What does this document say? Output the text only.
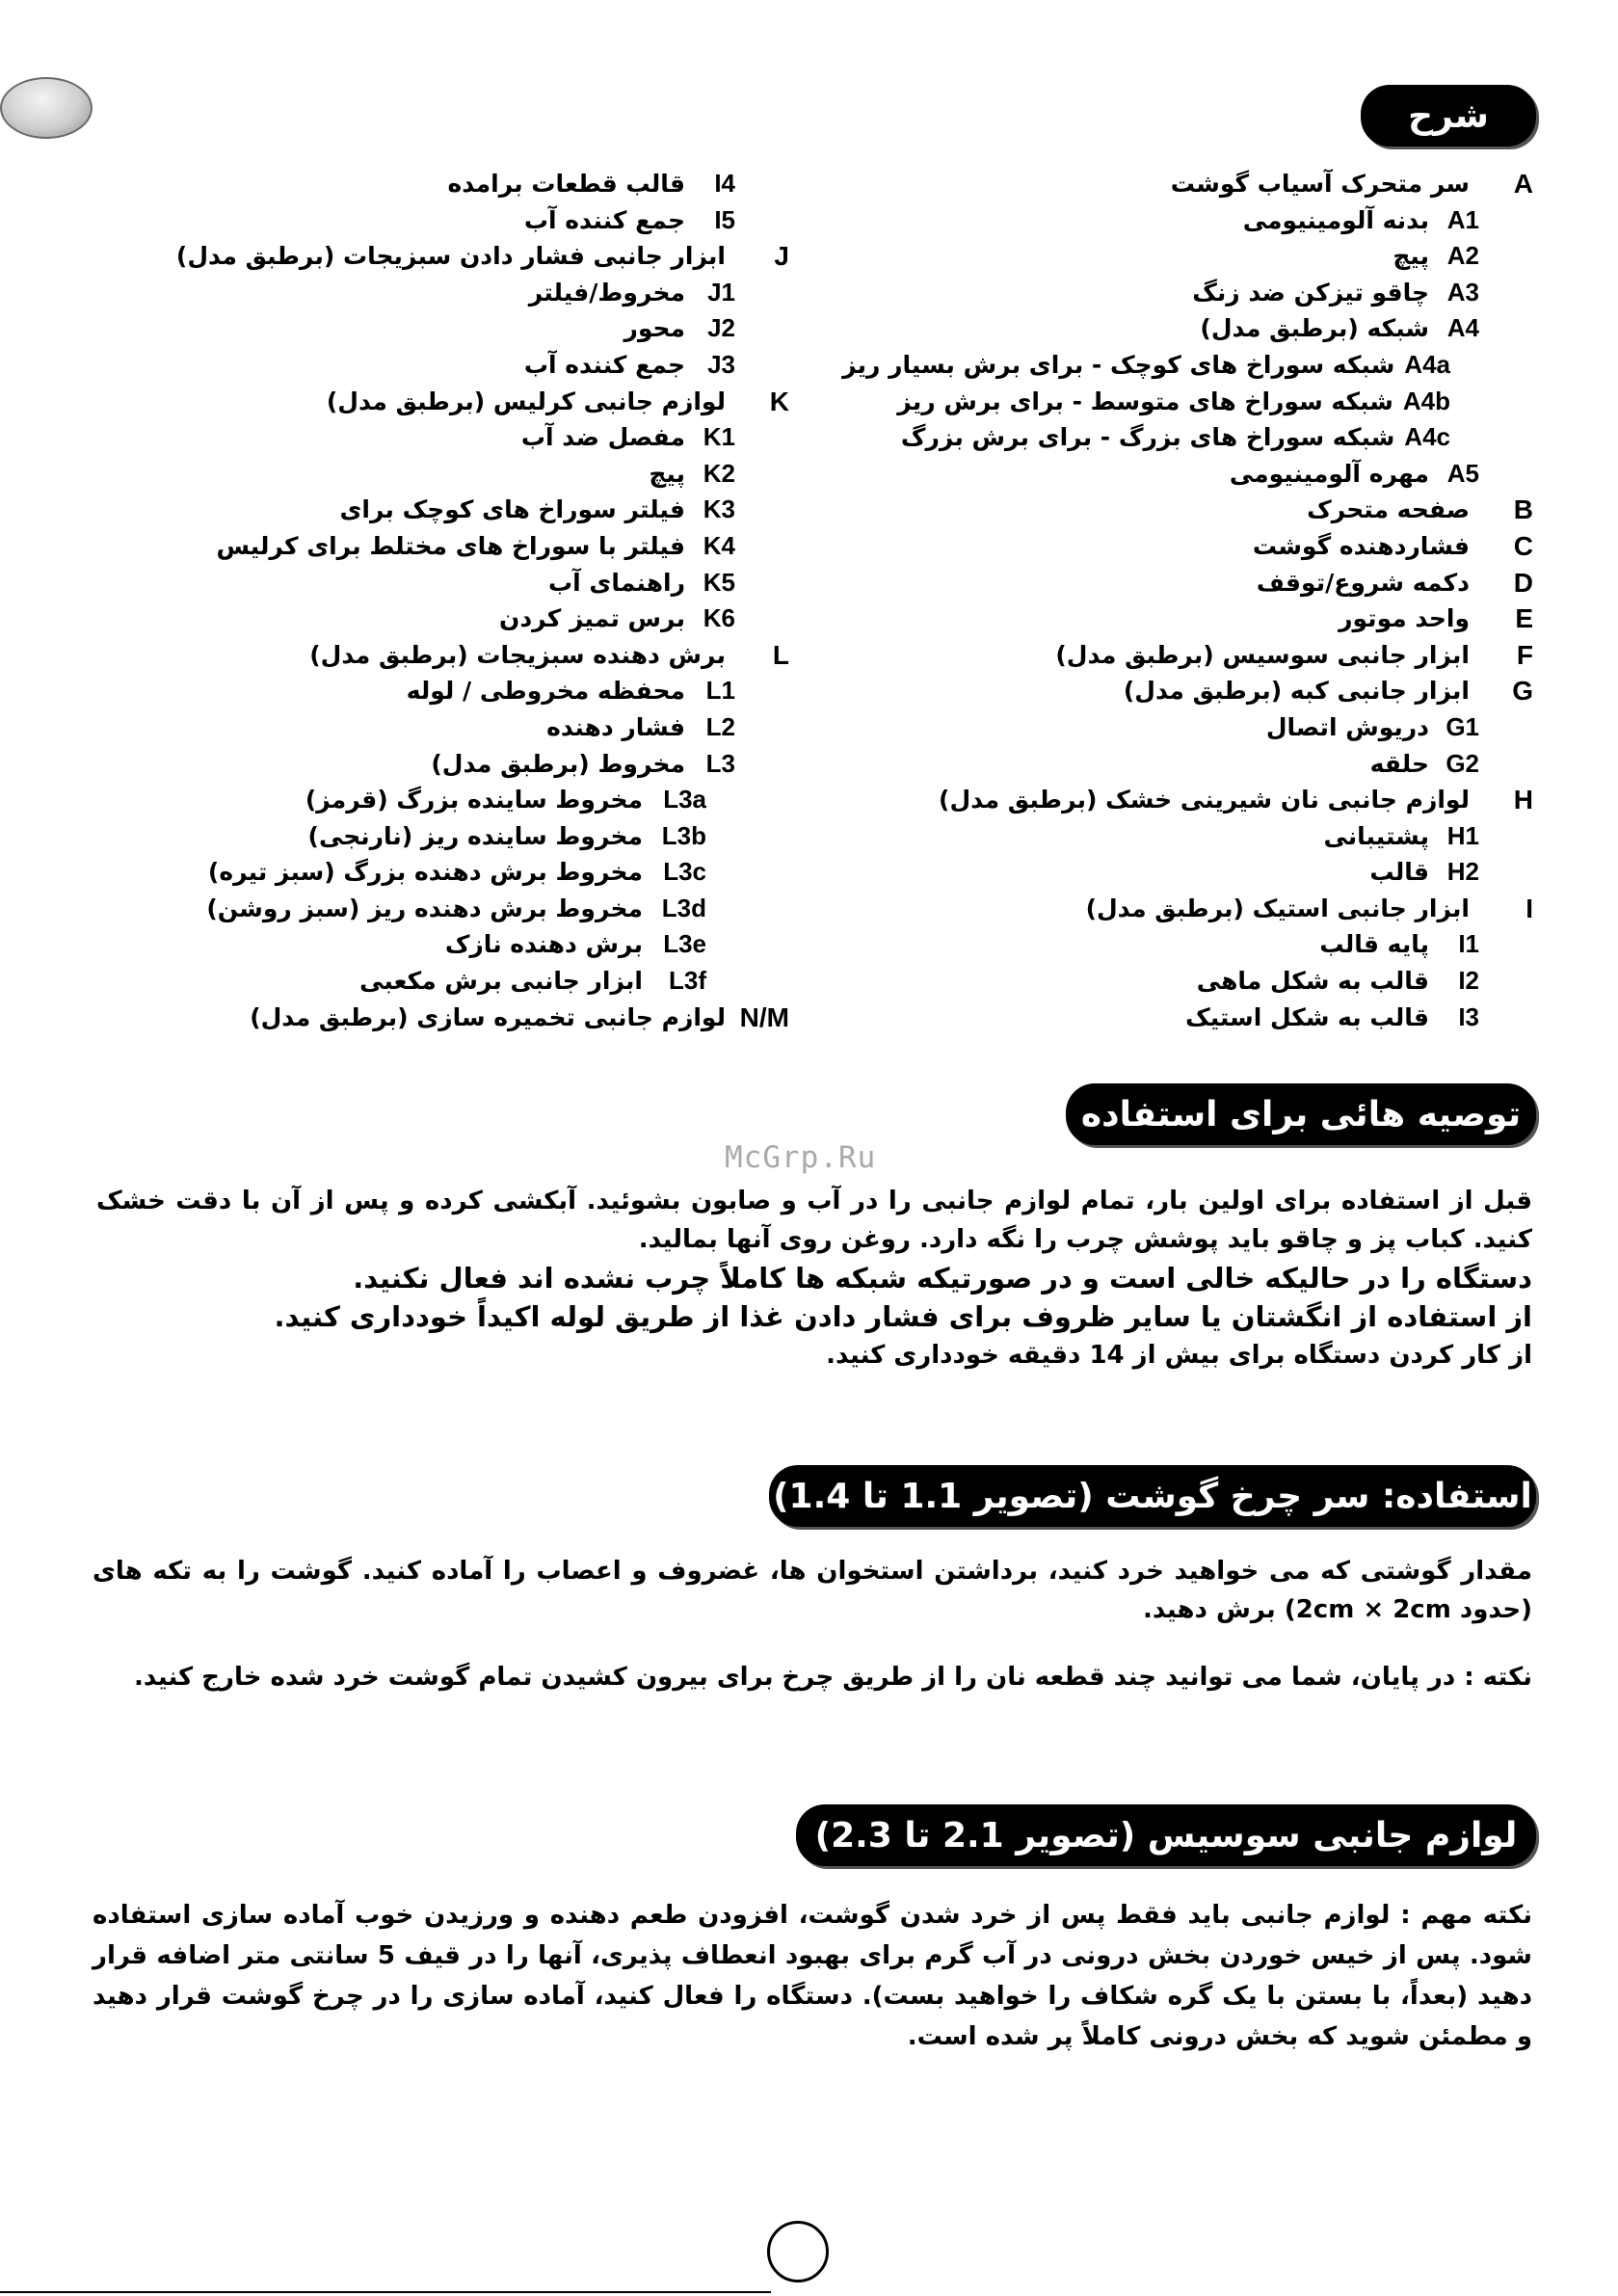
شرح
A
سر متحرک آسیاب گوشت
A1
بدنه آلومینیومی
A2
پیچ
A3
چاقو تیزکن ضد زنگ
A4
شبکه (برطبق مدل)
A4a
شبکه سوراخ های کوچک - برای برش بسیار ریز
A4b
شبکه سوراخ های متوسط - برای برش ریز
A4c
شبکه سوراخ های بزرگ - برای برش بزرگ
A5
مهره آلومینیومی
B
صفحه متحرک
C
فشاردهنده گوشت
D
دکمه شروع/توقف
E
واحد موتور
F
ابزار جانبی سوسیس (برطبق مدل)
G
ابزار جانبی کبه (برطبق مدل)
G1
دریوش اتصال
G2
حلقه
H
لوازم جانبی نان شیرینی خشک (برطبق مدل)
H1
پشتیبانی
H2
قالب
I
ابزار جانبی استیک (برطبق مدل)
I1
پایه قالب
I2
قالب به شکل ماهی
I3
قالب به شکل استیک
I4
قالب قطعات برامده
I5
جمع کننده آب
J
ابزار جانبی فشار دادن سبزیجات (برطبق مدل)
J1
مخروط/فیلتر
J2
محور
J3
جمع کننده آب
K
لوازم جانبی کرلیس (برطبق مدل)
K1
مفصل ضد آب
K2
پیچ
K3
فیلتر سوراخ های کوچک برای
K4
فیلتر با سوراخ های مختلط برای کرلیس
K5
راهنمای آب
K6
برس تمیز کردن
L
برش دهنده سبزیجات (برطبق مدل)
L1
محفظه مخروطی / لوله
L2
فشار دهنده
L3
مخروط (برطبق مدل)
L3a
مخروط ساینده بزرگ (قرمز)
L3b
مخروط ساینده ریز (نارنجی)
L3c
مخروط برش دهنده بزرگ (سبز تیره)
L3d
مخروط برش دهنده ریز (سبز روشن)
L3e
برش دهنده نازک
L3f
ابزار جانبی برش مکعبی
N/M
لوازم جانبی تخمیره سازی (برطبق مدل)
توصیه هائی برای استفاده
McGrp.Ru

قبل از استفاده برای اولین بار، تمام لوازم جانبی را در آب و صابون بشوئید. آبکشی کرده و پس از آن با دقت خشک کنید. کباب پز و چاقو باید پوشش چرب را نگه دارد. روغن روی آنها بمالید.

دستگاه را در حالیکه خالی است و در صورتیکه شبکه ها کاملاً چرب نشده اند فعال نکنید.

از استفاده از انگشتان یا سایر ظروف برای فشار دادن غذا از طریق لوله اکیداً خودداری کنید.

از کار کردن دستگاه برای بیش از 14 دقیقه خودداری کنید.

استفاده: سر چرخ گوشت (تصویر 1.1 تا 1.4)

مقدار گوشتی که می خواهید خرد کنید، برداشتن استخوان ها، غضروف و اعصاب را آماده کنید. گوشت را به تکه های (حدود 2cm × 2cm) برش دهید.

نکته : در پایان، شما می توانید چند قطعه نان را از طریق چرخ برای بیرون کشیدن تمام گوشت خرد شده خارج کنید.

لوازم جانبی سوسیس (تصویر 2.1 تا 2.3)

نکته مهم : لوازم جانبی باید فقط پس از خرد شدن گوشت، افزودن طعم دهنده و ورزیدن خوب آماده سازی استفاده شود. پس از خیس خوردن بخش درونی در آب گرم برای بهبود انعطاف پذیری، آنها را در قیف 5 سانتی متر اضافه قرار دهید (بعداً، با بستن با یک گره شکاف را خواهید بست). دستگاه را فعال کنید، آماده سازی را در چرخ گوشت قرار دهید و مطمئن شوید که بخش درونی کاملاً پر شده است.
